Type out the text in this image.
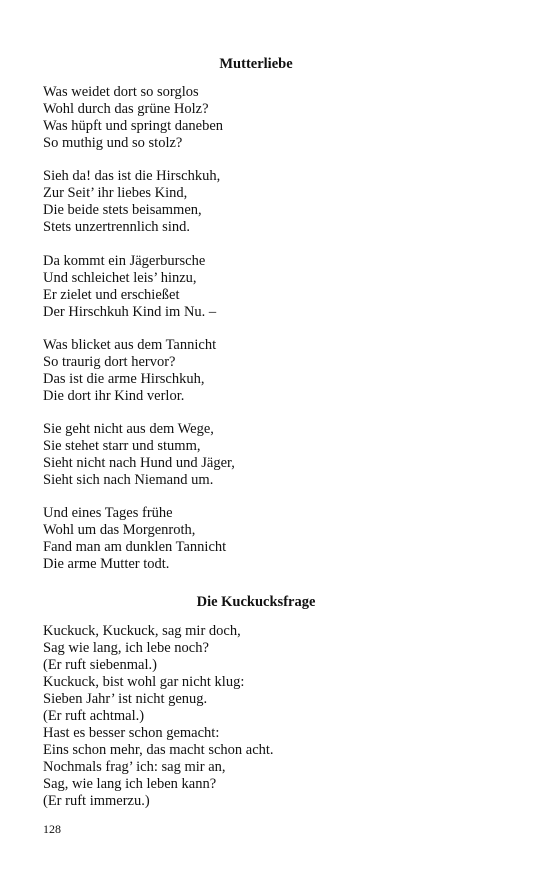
Mutterliebe
Was weidet dort so sorglos
Wohl durch das grüne Holz?
Was hüpft und springt daneben
So muthig und so stolz?
Sieh da! das ist die Hirschkuh,
Zur Seit’ ihr liebes Kind,
Die beide stets beisammen,
Stets unzertrennlich sind.
Da kommt ein Jägerbursche
Und schleichet leis’ hinzu,
Er zielet und erschießet
Der Hirschkuh Kind im Nu. –
Was blicket aus dem Tannicht
So traurig dort hervor?
Das ist die arme Hirschkuh,
Die dort ihr Kind verlor.
Sie geht nicht aus dem Wege,
Sie stehet starr und stumm,
Sieht nicht nach Hund und Jäger,
Sieht sich nach Niemand um.
Und eines Tages frühe
Wohl um das Morgenroth,
Fand man am dunklen Tannicht
Die arme Mutter todt.
Die Kuckucksfrage
Kuckuck, Kuckuck, sag mir doch,
Sag wie lang, ich lebe noch?
(Er ruft siebenmal.)
Kuckuck, bist wohl gar nicht klug:
Sieben Jahr’ ist nicht genug.
(Er ruft achtmal.)
Hast es besser schon gemacht:
Eins schon mehr, das macht schon acht.
Nochmals frag’ ich: sag mir an,
Sag, wie lang ich leben kann?
(Er ruft immerzu.)
128
